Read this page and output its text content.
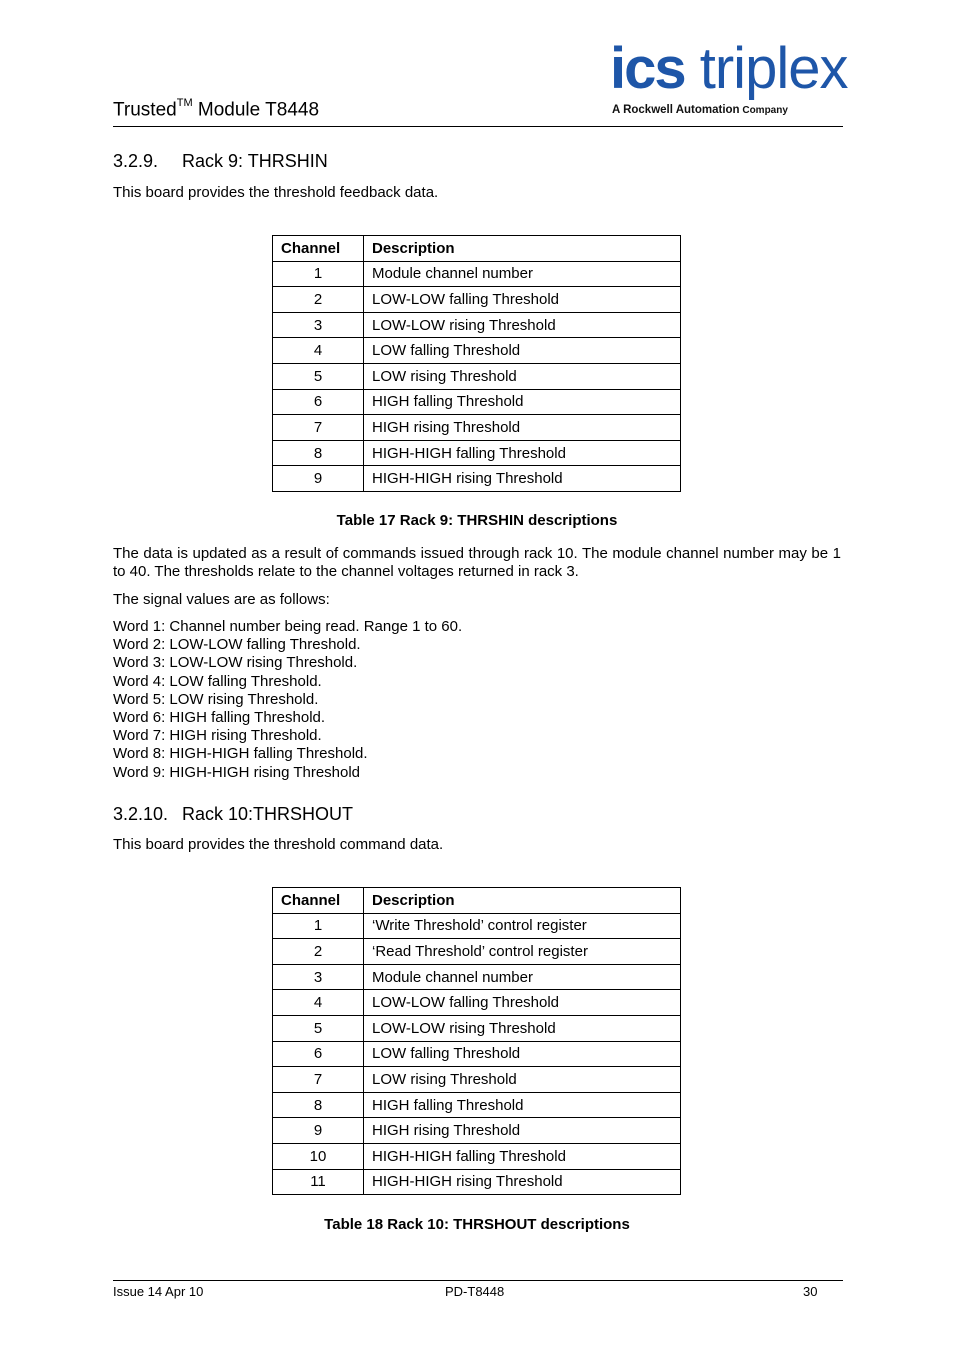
Trusted™ Module T8448
ics triplex
A Rockwell Automation Company
3.2.9. Rack 9: THRSHIN
This board provides the threshold feedback data.
Channel	Description
1	Module channel number
2	LOW-LOW falling Threshold
3	LOW-LOW rising Threshold
4	LOW falling Threshold
5	LOW rising Threshold
6	HIGH falling Threshold
7	HIGH rising Threshold
8	HIGH-HIGH falling Threshold
9	HIGH-HIGH rising Threshold
Table 17 Rack 9: THRSHIN descriptions
The data is updated as a result of commands issued through rack 10. The module channel number may be 1 to 40. The thresholds relate to the channel voltages returned in rack 3.
The signal values are as follows:
Word 1: Channel number being read. Range 1 to 60.
Word 2: LOW-LOW falling Threshold.
Word 3: LOW-LOW rising Threshold.
Word 4: LOW falling Threshold.
Word 5: LOW rising Threshold.
Word 6: HIGH falling Threshold.
Word 7: HIGH rising Threshold.
Word 8: HIGH-HIGH falling Threshold.
Word 9: HIGH-HIGH rising Threshold
3.2.10. Rack 10:THRSHOUT
This board provides the threshold command data.
Channel	Description
1	‘Write Threshold’ control register
2	‘Read Threshold’ control register
3	Module channel number
4	LOW-LOW falling Threshold
5	LOW-LOW rising Threshold
6	LOW falling Threshold
7	LOW rising Threshold
8	HIGH falling Threshold
9	HIGH rising Threshold
10	HIGH-HIGH falling Threshold
11	HIGH-HIGH rising Threshold
Table 18 Rack 10: THRSHOUT descriptions
Issue 14 Apr 10	PD-T8448	30
